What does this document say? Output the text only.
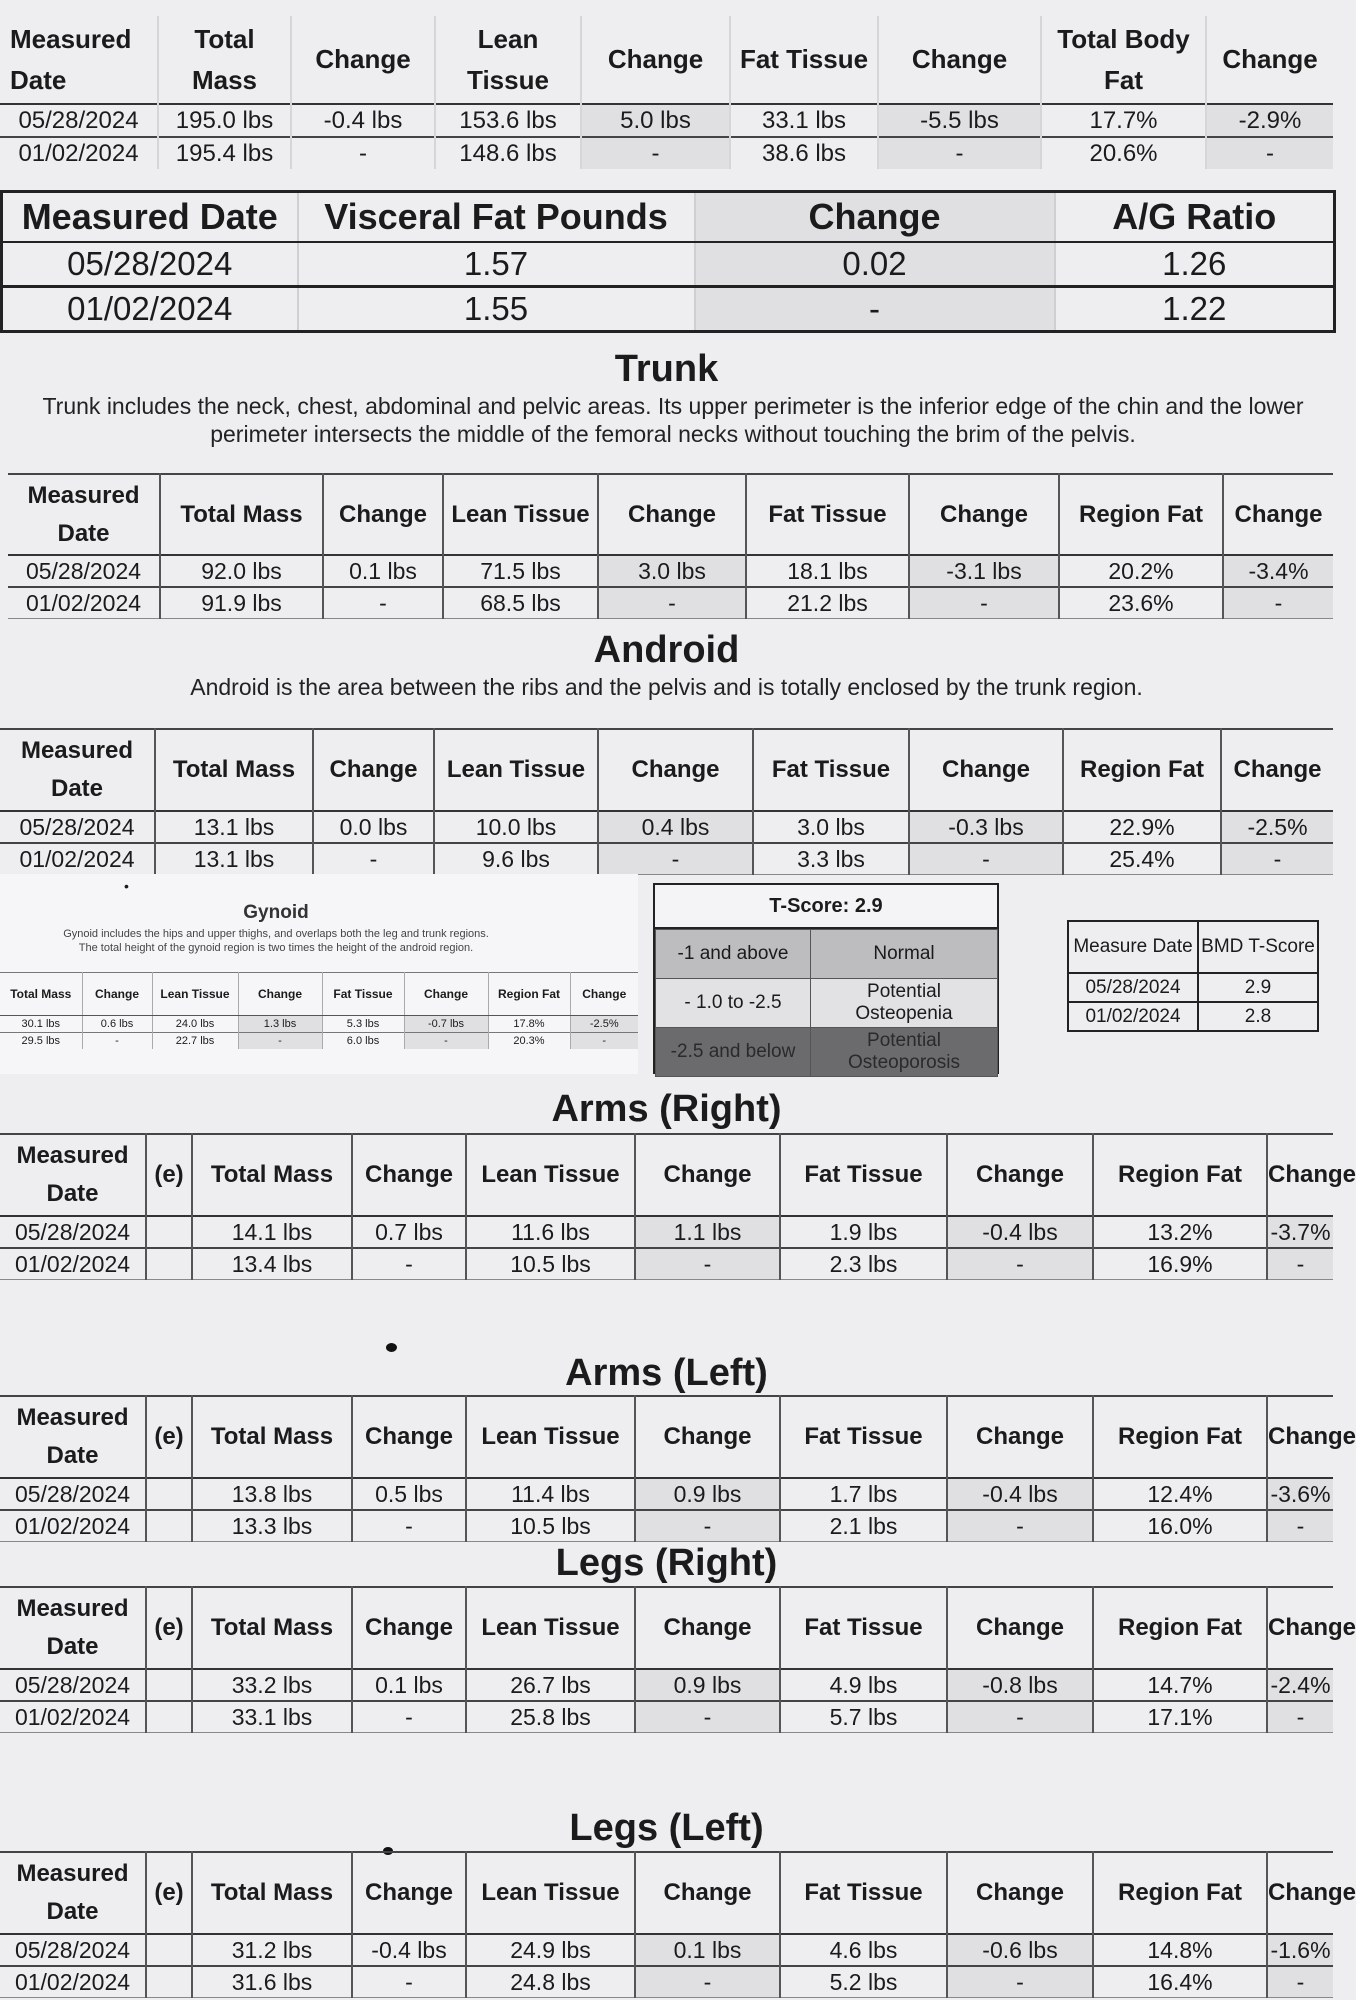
Measured Date	Total Mass	Change	Lean Tissue	Change	Fat Tissue	Change	Total Body Fat	Change
05/28/2024	195.0 lbs	-0.4 lbs	153.6 lbs	5.0 lbs	33.1 lbs	-5.5 lbs	17.7%	-2.9%
01/02/2024	195.4 lbs	-	148.6 lbs	-	38.6 lbs	-	20.6%	-
Measured Date	Visceral Fat Pounds	Change	A/G Ratio
05/28/2024	1.57	0.02	1.26
01/02/2024	1.55	-	1.22
Trunk
Trunk includes the neck, chest, abdominal and pelvic areas. Its upper perimeter is the inferior edge of the chin and the lower perimeter intersects the middle of the femoral necks without touching the brim of the pelvis.
Measured Date	Total Mass	Change	Lean Tissue	Change	Fat Tissue	Change	Region Fat	Change
05/28/2024	92.0 lbs	0.1 lbs	71.5 lbs	3.0 lbs	18.1 lbs	-3.1 lbs	20.2%	-3.4%
01/02/2024	91.9 lbs	-	68.5 lbs	-	21.2 lbs	-	23.6%	-
Android
Android is the area between the ribs and the pelvis and is totally enclosed by the trunk region.
Measured Date	Total Mass	Change	Lean Tissue	Change	Fat Tissue	Change	Region Fat	Change
05/28/2024	13.1 lbs	0.0 lbs	10.0 lbs	0.4 lbs	3.0 lbs	-0.3 lbs	22.9%	-2.5%
01/02/2024	13.1 lbs	-	9.6 lbs	-	3.3 lbs	-	25.4%	-
•
Gynoid
Gynoid includes the hips and upper thighs, and overlaps both the leg and trunk regions.
The total height of the gynoid region is two times the height of the android region.
Total Mass	Change	Lean Tissue	Change	Fat Tissue	Change	Region Fat	Change
30.1 lbs	0.6 lbs	24.0 lbs	1.3 lbs	5.3 lbs	-0.7 lbs	17.8%	-2.5%
29.5 lbs	-	22.7 lbs	-	6.0 lbs	-	20.3%	-
T-Score: 2.9
-1 and above	Normal
- 1.0 to -2.5	Potential Osteopenia
-2.5 and below	Potential Osteoporosis
Measure Date	BMD T-Score
05/28/2024	2.9
01/02/2024	2.8
Arms (Right)
Measured Date	(e)	Total Mass	Change	Lean Tissue	Change	Fat Tissue	Change	Region Fat	Change
05/28/2024		14.1 lbs	0.7 lbs	11.6 lbs	1.1 lbs	1.9 lbs	-0.4 lbs	13.2%	-3.7%
01/02/2024		13.4 lbs	-	10.5 lbs	-	2.3 lbs	-	16.9%	-
Arms (Left)
Measured Date	(e)	Total Mass	Change	Lean Tissue	Change	Fat Tissue	Change	Region Fat	Change
05/28/2024		13.8 lbs	0.5 lbs	11.4 lbs	0.9 lbs	1.7 lbs	-0.4 lbs	12.4%	-3.6%
01/02/2024		13.3 lbs	-	10.5 lbs	-	2.1 lbs	-	16.0%	-
Legs (Right)
Measured Date	(e)	Total Mass	Change	Lean Tissue	Change	Fat Tissue	Change	Region Fat	Change
05/28/2024		33.2 lbs	0.1 lbs	26.7 lbs	0.9 lbs	4.9 lbs	-0.8 lbs	14.7%	-2.4%
01/02/2024		33.1 lbs	-	25.8 lbs	-	5.7 lbs	-	17.1%	-
Legs (Left)
Measured Date	(e)	Total Mass	Change	Lean Tissue	Change	Fat Tissue	Change	Region Fat	Change
05/28/2024		31.2 lbs	-0.4 lbs	24.9 lbs	0.1 lbs	4.6 lbs	-0.6 lbs	14.8%	-1.6%
01/02/2024		31.6 lbs	-	24.8 lbs	-	5.2 lbs	-	16.4%	-
